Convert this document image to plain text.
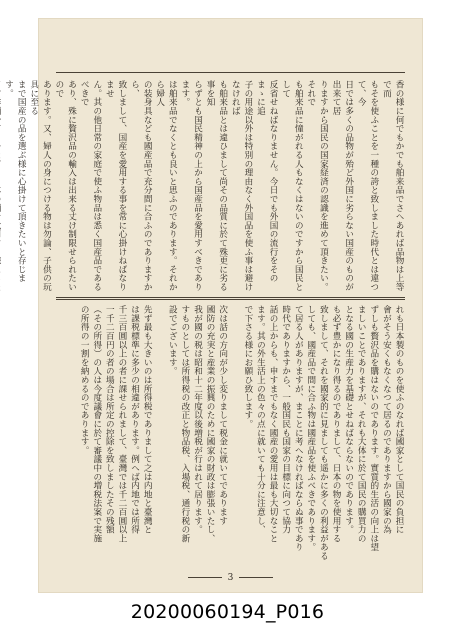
香の様に何でもかでも舶来品でさへあれば品物は上等で而
もそを使ふことを一種の誇と致しました時代とは違つて、今
日では多くの品物が殆ど外国に劣らない国産のものが出来て居
りますから国民の国家経済の認識を進めて頂きたい。それで
も舶来品に憧がれる人もなくはないのですから国民として
反省せねばなりません。今日でも外国の流行をそのまゝに追
子の用途以外は特別の理由なく外国品を使ふ事は避けなければ
も舶来品とは違ひまして尚その品質に於て殊更に劣る事を知
らずとも国民精神の上から国産品を愛用すべきであります。
は舶来品でなくとも良いと思ふのであります。それから婦人
の装身具なども國産品で充分間に合ふのでありますから、
致しまして、国産を愛用する事を常に心掛けねばなりませ
ん。其の他日常の家庭で使ふ物品は悉く国産品であるべきで
あり、殊に贅沢品の輸入は出来る丈け制限せられたいので
あります。又、婦人の身につける物は勿論、子供の玩具に至る
まで国産の品を選ぶ様に心掛けて頂きたいと存じます。

れも日本製のものを使ふのなれば國家として国民の負担に
會がそう安くもなくなつて居るのでありますから國家の為
ずしも贅沢品を購はないのであります。實質的生活の向上は望
ましいことでありますが、それも大体に於て国民の購買力の
となる國の生産力を基礎とせねばならないのであります。
も必ず豊かになり得るのでありまして、日本の物を使用する
致しまして、それを國家的に見ましても遥かに多くの利益がある
しても、國産品で間に合ふ物は國産品を使ふべきであります。
て居る人がありますが、まことに考へなければならぬ事であり
時代でありますから、一般国民も国家の目標に向つて協力
話の上からも、申すまでもなく國産の愛用は最も大切なこと
ます。其の外生活上の色々の点に就いても十分に注意し、
で下さる様にお願ひ致します。

次は話の方向が少し変りまして税金に就いてであります
國防の充実と産業の振興のために國家の財政は膨張いたし、
我が國の税は昭和十二年度以後増税が行はれて居ります。
すものとしては所得税の改正と物品税、入場税、通行税の新
設でございます。

先ず最も大きいのは所得税でありまして之は内地と臺灣と
は課税標準に多少の相違があります。例へば内地では所得
千三百圓以上の者に課せられまして、臺灣では千二百圓以上
一千二百円の者の場合は所定の控除を致しましたその残額
（その所得）の人は今度議會に於て審議中の増税法案で実施
の所得の一割を納めるのであります。
3
20200060194_P016
